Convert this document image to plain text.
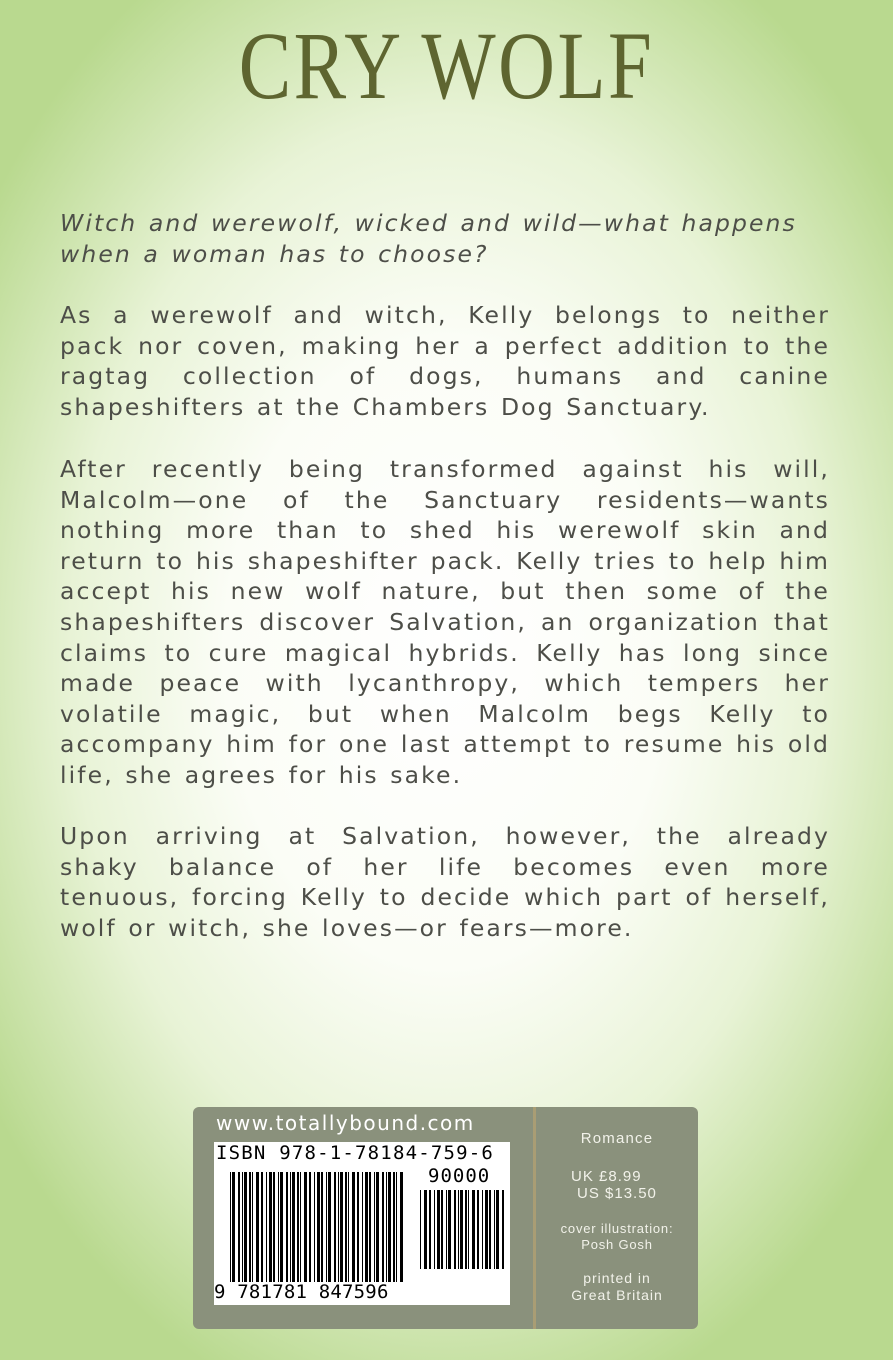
CRY WOLF

Witch and werewolf, wicked and wild—what happens when a woman has to choose?

As a werewolf and witch, Kelly belongs to neither pack nor coven, making her a perfect addition to the ragtag collection of dogs, humans and canine shapeshifters at the Chambers Dog Sanctuary.

After recently being transformed against his will, Malcolm—one of the Sanctuary residents—wants nothing more than to shed his werewolf skin and return to his shapeshifter pack. Kelly tries to help him accept his new wolf nature, but then some of the shapeshifters discover Salvation, an organization that claims to cure magical hybrids. Kelly has long since made peace with lycanthropy, which tempers her volatile magic, but when Malcolm begs Kelly to accompany him for one last attempt to resume his old life, she agrees for his sake.

Upon arriving at Salvation, however, the already shaky balance of her life becomes even more tenuous, forcing Kelly to decide which part of herself, wolf or witch, she loves—or fears—more.

www.totallybound.com
ISBN 978-1-78184-759-6
90000
9 781781 847596
Romance
UK £8.99
US $13.50
cover illustration:
Posh Gosh
printed in
Great Britain
